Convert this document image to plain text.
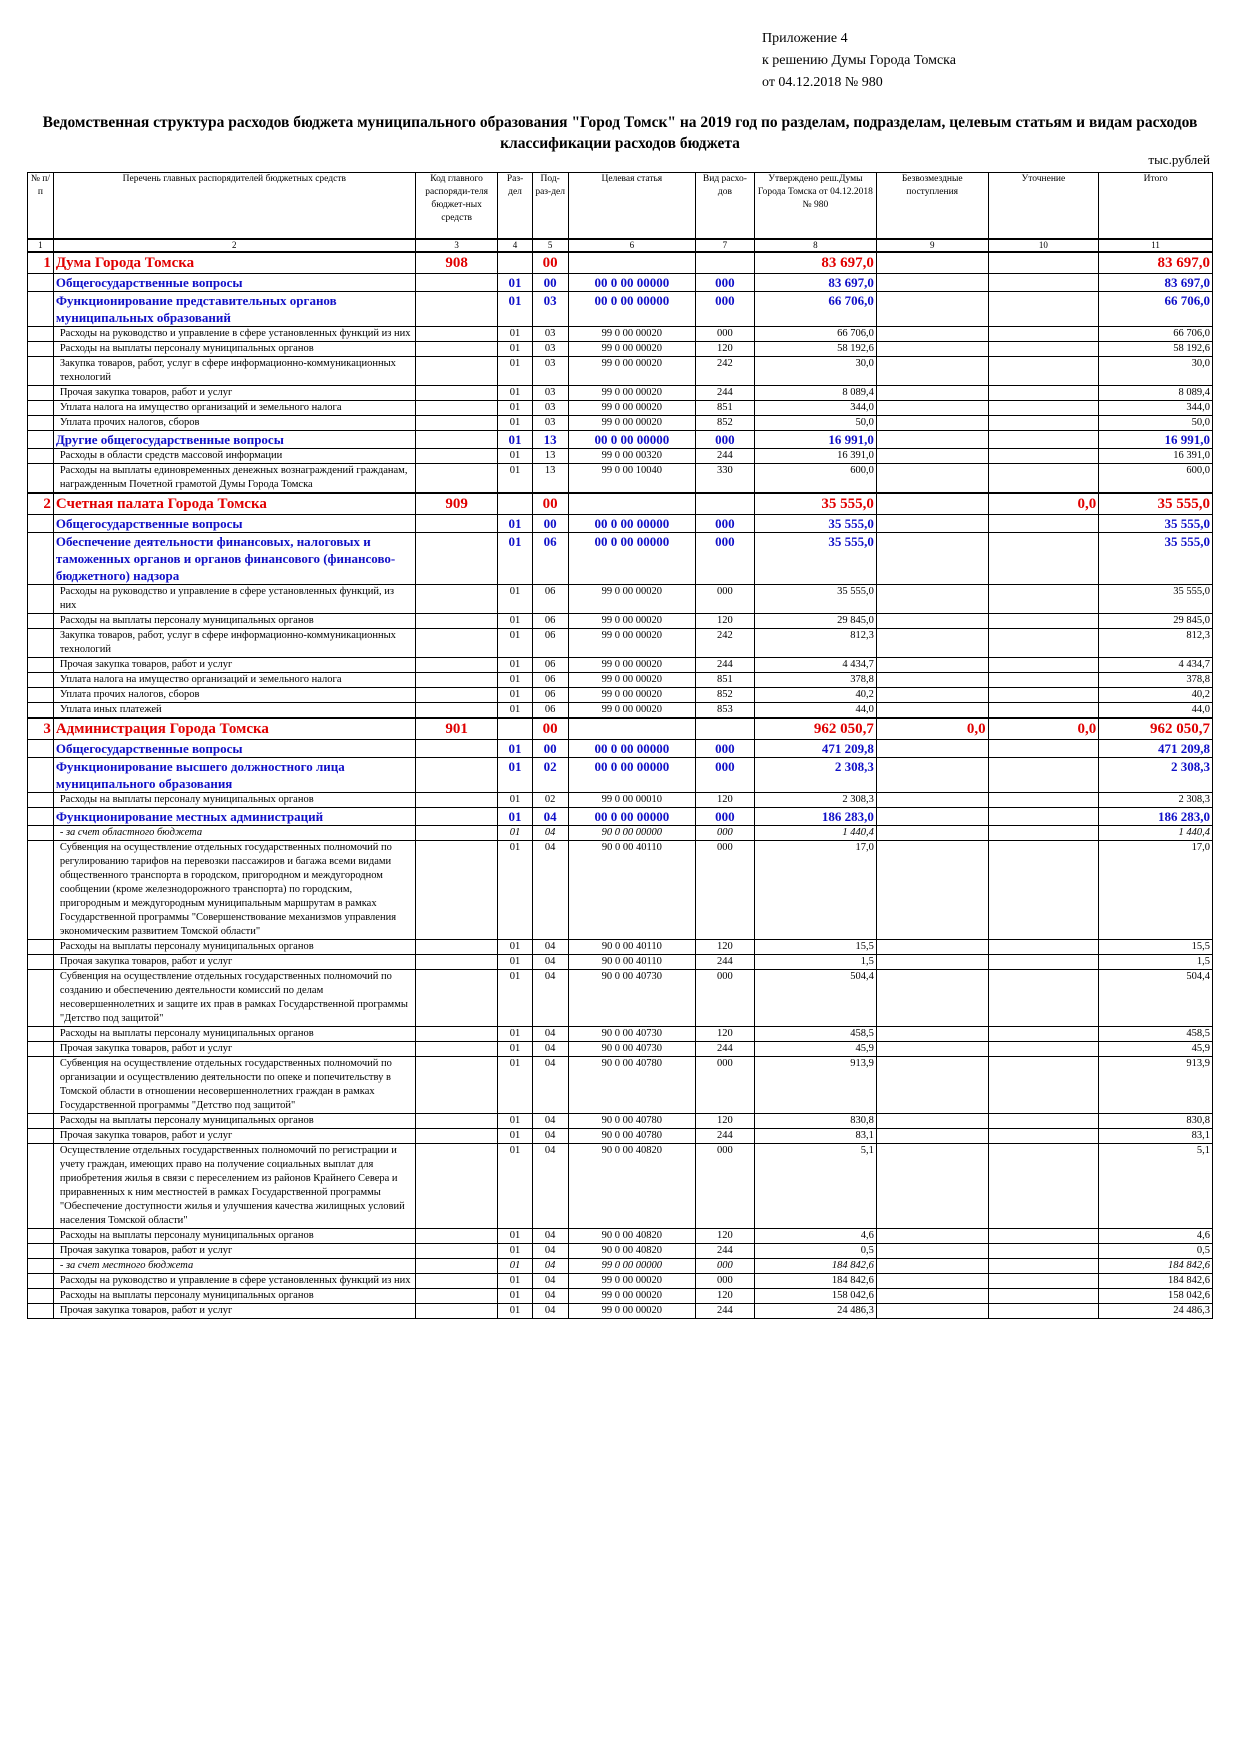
Приложение 4
к решению Думы Города Томска
от 04.12.2018 № 980
Ведомственная структура расходов бюджета муниципального образования "Город Томск" на 2019 год по разделам, подразделам, целевым статьям и видам расходов классификации расходов бюджета
тыс.рублей
№ п/п	Перечень главных распорядителей бюджетных средств	Код главного распоряди-теля бюджет-ных средств	Раз-дел	Под-раз-дел	Целевая статья	Вид расхо-дов	Утверждено реш.Думы Города Томска от 04.12.2018 № 980	Безвозмездные поступления	Уточнение	Итого
1	2	3	4	5	6	7	8	9	10	11
1	Дума Города Томска	908		00			83 697,0			83 697,0
	Общегосударственные вопросы		01	00	00 0 00 00000	000	83 697,0			83 697,0
	Функционирование представительных органов муниципальных образований		01	03	00 0 00 00000	000	66 706,0			66 706,0
	Расходы на руководство и управление в сфере установленных функций из них		01	03	99 0 00 00020	000	66 706,0			66 706,0
	Расходы на выплаты персоналу муниципальных органов		01	03	99 0 00 00020	120	58 192,6			58 192,6
	Закупка товаров, работ, услуг в сфере информационно-коммуникационных технологий		01	03	99 0 00 00020	242	30,0			30,0
	Прочая закупка товаров, работ и услуг		01	03	99 0 00 00020	244	8 089,4			8 089,4
	Уплата налога на имущество организаций и земельного налога		01	03	99 0 00 00020	851	344,0			344,0
	Уплата прочих налогов, сборов		01	03	99 0 00 00020	852	50,0			50,0
	Другие общегосударственные вопросы		01	13	00 0 00 00000	000	16 991,0			16 991,0
	Расходы в области средств массовой информации		01	13	99 0 00 00320	244	16 391,0			16 391,0
	Расходы на выплаты единовременных денежных вознаграждений гражданам, награжденным Почетной грамотой Думы Города Томска		01	13	99 0 00 10040	330	600,0			600,0
2	Счетная палата Города Томска	909		00			35 555,0		0,0	35 555,0
	Общегосударственные вопросы		01	00	00 0 00 00000	000	35 555,0			35 555,0
	Обеспечение деятельности финансовых, налоговых и таможенных органов и органов финансового (финансово-бюджетного) надзора		01	06	00 0 00 00000	000	35 555,0			35 555,0
	Расходы на руководство и управление в сфере установленных функций, из них		01	06	99 0 00 00020	000	35 555,0			35 555,0
	Расходы на выплаты персоналу муниципальных органов		01	06	99 0 00 00020	120	29 845,0			29 845,0
	Закупка товаров, работ, услуг в сфере информационно-коммуникационных технологий		01	06	99 0 00 00020	242	812,3			812,3
	Прочая закупка товаров, работ и услуг		01	06	99 0 00 00020	244	4 434,7			4 434,7
	Уплата налога на имущество организаций и земельного налога		01	06	99 0 00 00020	851	378,8			378,8
	Уплата прочих налогов, сборов		01	06	99 0 00 00020	852	40,2			40,2
	Уплата иных платежей		01	06	99 0 00 00020	853	44,0			44,0
3	Администрация Города Томска	901		00			962 050,7	0,0	0,0	962 050,7
	Общегосударственные вопросы		01	00	00 0 00 00000	000	471 209,8			471 209,8
	Функционирование высшего должностного лица муниципального образования		01	02	00 0 00 00000	000	2 308,3			2 308,3
	Расходы на выплаты персоналу муниципальных органов		01	02	99 0 00 00010	120	2 308,3			2 308,3
	Функционирование местных администраций		01	04	00 0 00 00000	000	186 283,0			186 283,0
	- за счет областного бюджета		01	04	90 0 00 00000	000	1 440,4			1 440,4
	Субвенция на осуществление отдельных государственных полномочий по регулированию тарифов на перевозки пассажиров и багажа всеми видами общественного транспорта в городском, пригородном и междугородном сообщении (кроме железнодорожного транспорта) по городским, пригородным и междугородным муниципальным маршрутам в рамках Государственной программы "Совершенствование механизмов управления экономическим развитием Томской области"		01	04	90 0 00 40110	000	17,0			17,0
	Расходы на выплаты персоналу муниципальных органов		01	04	90 0 00 40110	120	15,5			15,5
	Прочая закупка товаров, работ и услуг		01	04	90 0 00 40110	244	1,5			1,5
	Субвенция на осуществление отдельных государственных полномочий по созданию и обеспечению деятельности комиссий по делам несовершеннолетних и защите их прав в рамках Государственной программы "Детство под защитой"		01	04	90 0 00 40730	000	504,4			504,4
	Расходы на выплаты персоналу муниципальных органов		01	04	90 0 00 40730	120	458,5			458,5
	Прочая закупка товаров, работ и услуг		01	04	90 0 00 40730	244	45,9			45,9
	Субвенция на осуществление отдельных государственных полномочий по организации и осуществлению деятельности по опеке и попечительству в Томской области в отношении несовершеннолетних граждан в рамках Государственной программы "Детство под защитой"		01	04	90 0 00 40780	000	913,9			913,9
	Расходы на выплаты персоналу муниципальных органов		01	04	90 0 00 40780	120	830,8			830,8
	Прочая закупка товаров, работ и услуг		01	04	90 0 00 40780	244	83,1			83,1
	Осуществление отдельных государственных полномочий по регистрации и учету граждан, имеющих право на получение социальных выплат для приобретения жилья в связи с переселением из районов Крайнего Севера и приравненных к ним местностей в рамках Государственной программы "Обеспечение доступности жилья и улучшения качества жилищных условий населения Томской области"		01	04	90 0 00 40820	000	5,1			5,1
	Расходы на выплаты персоналу муниципальных органов		01	04	90 0 00 40820	120	4,6			4,6
	Прочая закупка товаров, работ и услуг		01	04	90 0 00 40820	244	0,5			0,5
	- за счет местного бюджета		01	04	99 0 00 00000	000	184 842,6			184 842,6
	Расходы на руководство и управление в сфере установленных функций из них		01	04	99 0 00 00020	000	184 842,6			184 842,6
	Расходы на выплаты персоналу муниципальных органов		01	04	99 0 00 00020	120	158 042,6			158 042,6
	Прочая закупка товаров, работ и услуг		01	04	99 0 00 00020	244	24 486,3			24 486,3
